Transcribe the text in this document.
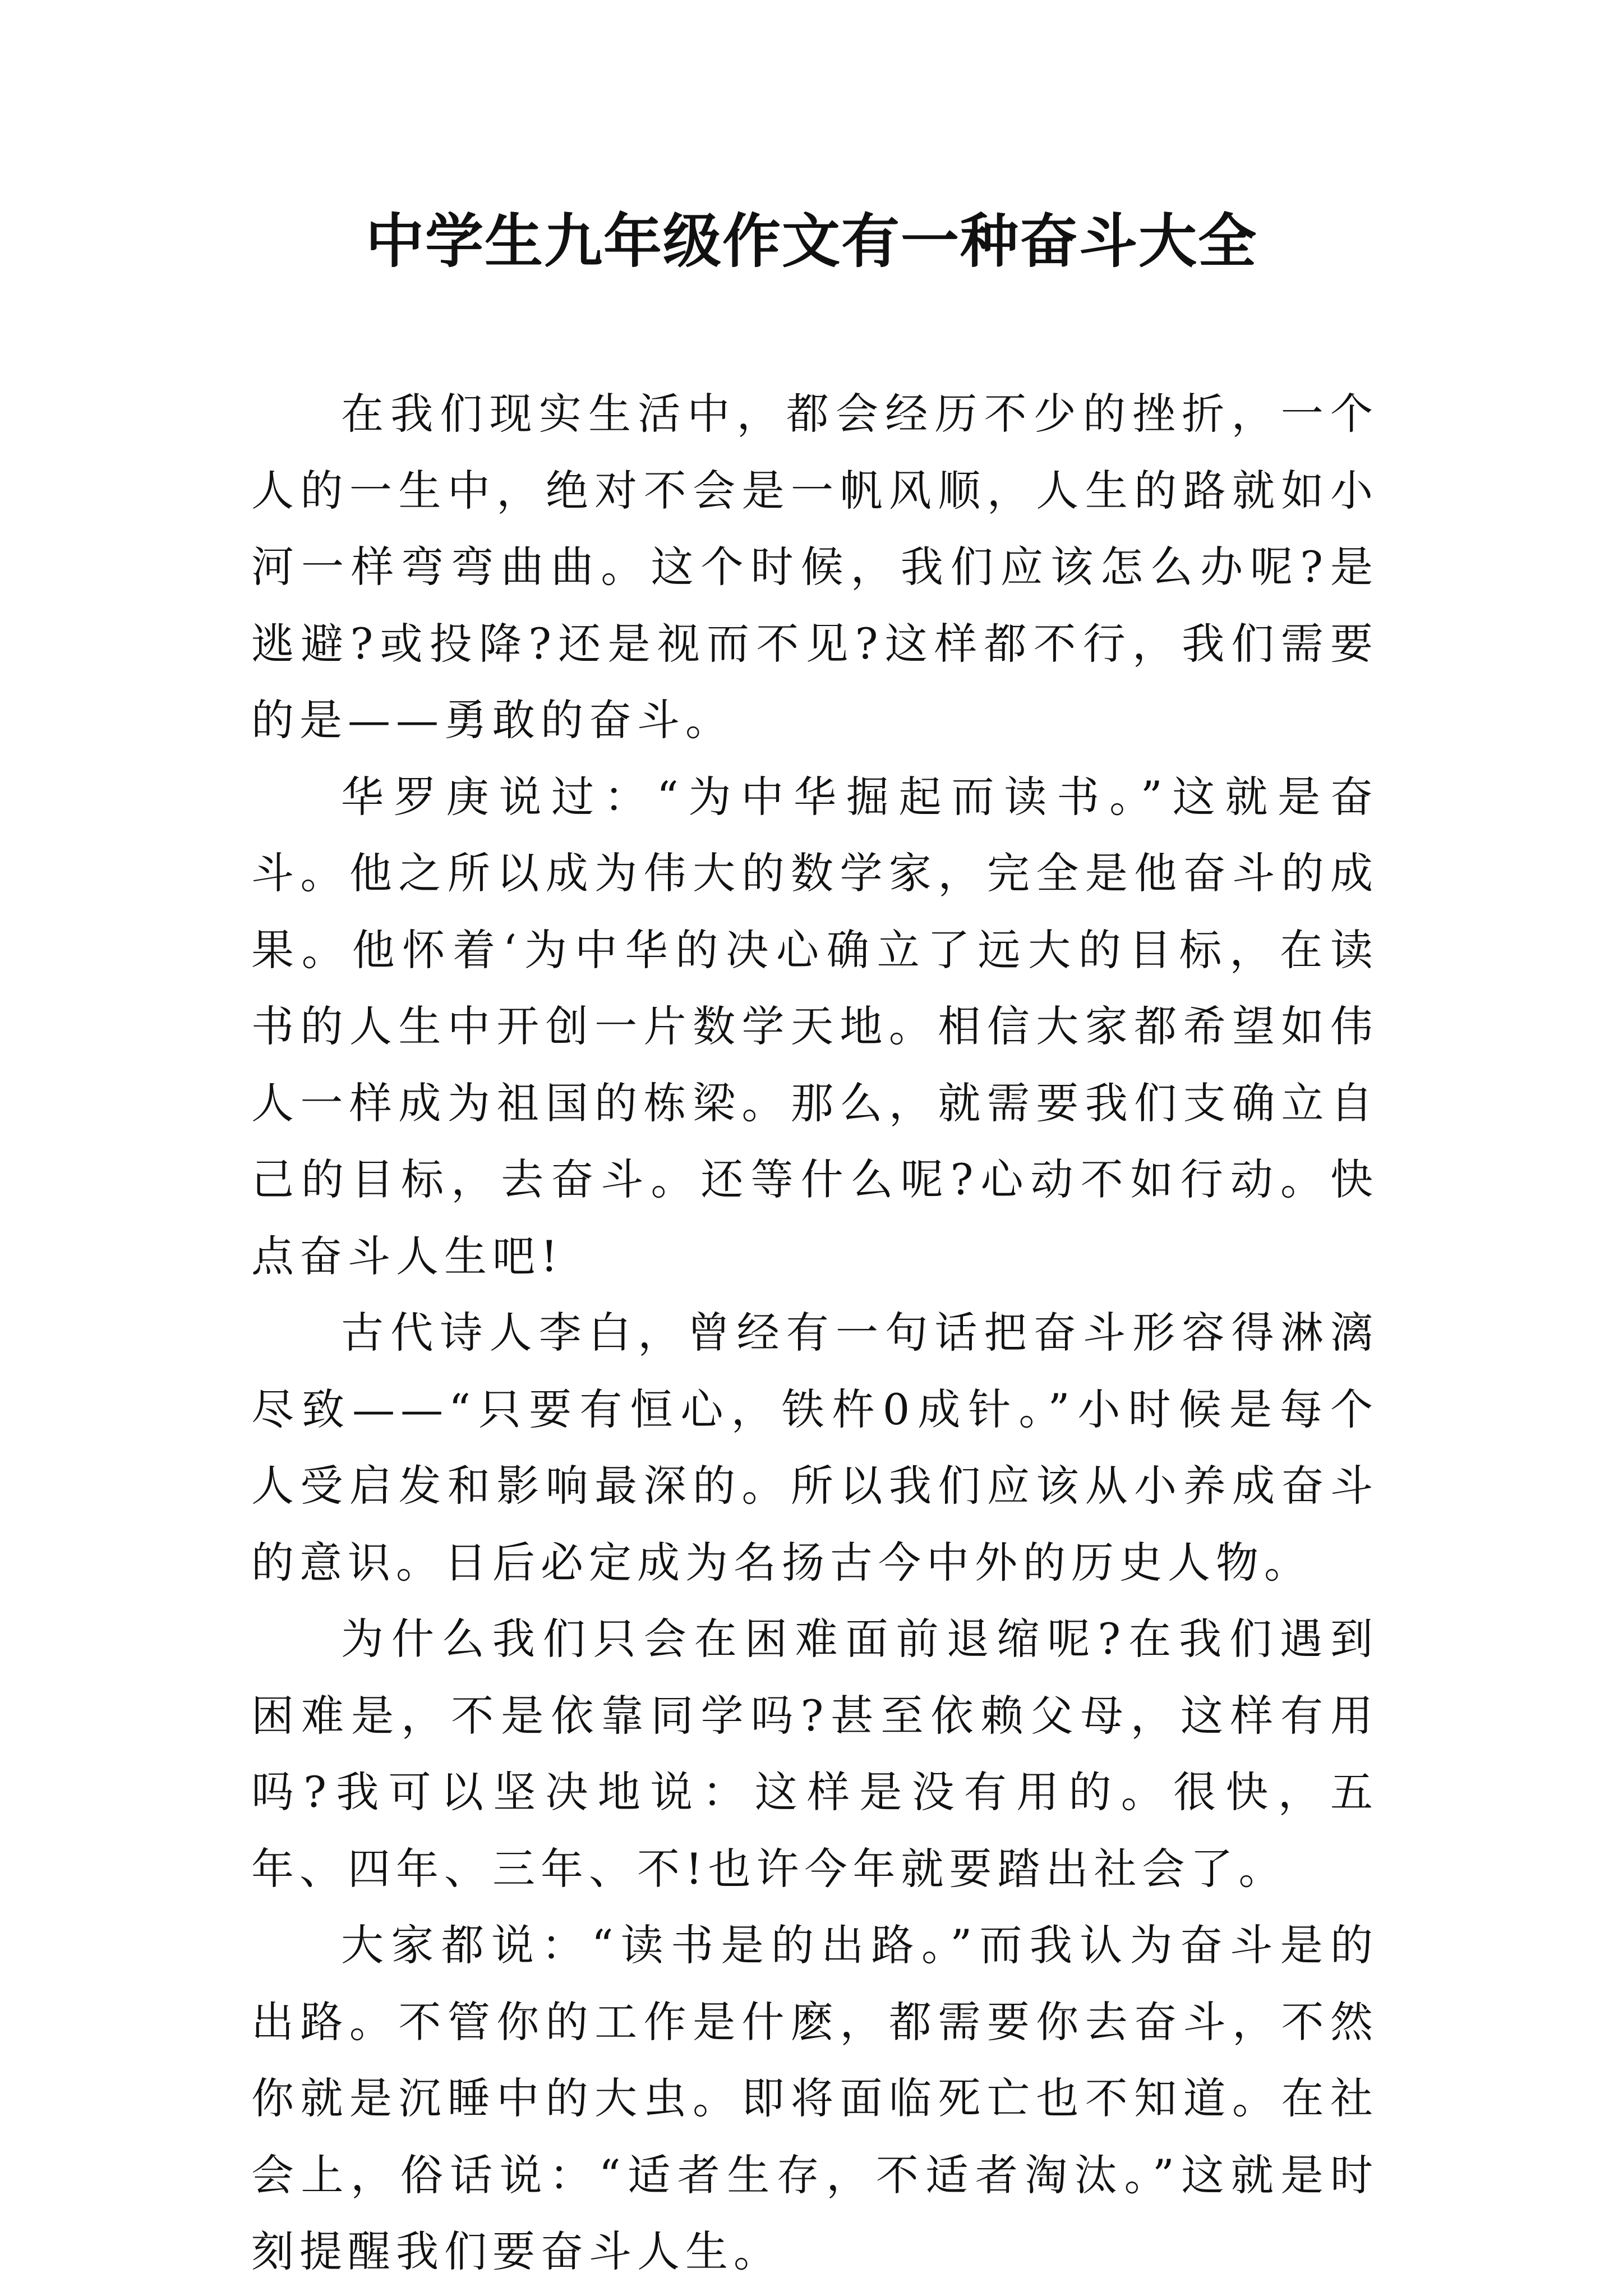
中学生九年级作文有一种奋斗大全

在我们现实生活中，都会经历不少的挫折，一个人的一生中，绝对不会是一帆风顺，人生的路就如小河一样弯弯曲曲。这个时候，我们应该怎么办呢?是逃避?或投降?还是视而不见?这样都不行，我们需要的是——勇敢的奋斗。

华罗庚说过：“为中华掘起而读书。”这就是奋斗。他之所以成为伟大的数学家，完全是他奋斗的成果。他怀着‘为中华的决心确立了远大的目标，在读书的人生中开创一片数学天地。相信大家都希望如伟人一样成为祖国的栋梁。那么，就需要我们支确立自己的目标，去奋斗。还等什么呢?心动不如行动。快点奋斗人生吧!

古代诗人李白，曾经有一句话把奋斗形容得淋漓尽致——“只要有恒心，铁杵0成针。”小时候是每个人受启发和影响最深的。所以我们应该从小养成奋斗的意识。日后必定成为名扬古今中外的历史人物。

为什么我们只会在困难面前退缩呢?在我们遇到困难是，不是依靠同学吗?甚至依赖父母，这样有用吗?我可以坚决地说：这样是没有用的。很快，五年、四年、三年、不!也许今年就要踏出社会了。

大家都说：“读书是的出路。”而我认为奋斗是的出路。不管你的工作是什麽，都需要你去奋斗，不然你就是沉睡中的大虫。即将面临死亡也不知道。在社会上，俗话说：“适者生存，不适者淘汰。”这就是时刻提醒我们要奋斗人生。
